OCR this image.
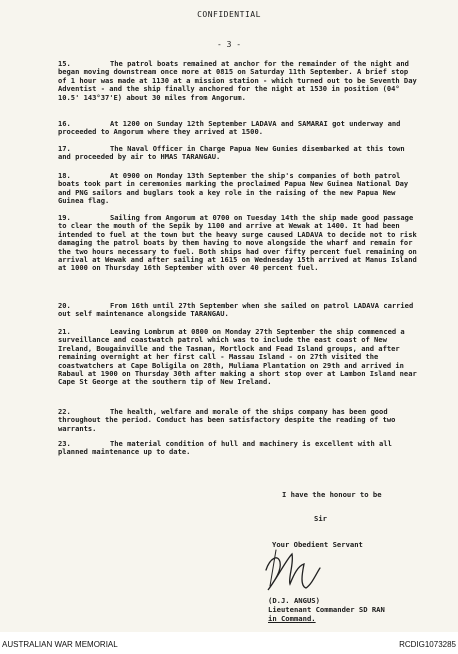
CONFIDENTIAL
- 3 -

15.	The patrol boats remained at anchor for the remainder of the night and began moving downstream once more at 0815 on Saturday 11th September. A brief stop of 1 hour was made at 1130 at a mission station - which turned out to be Seventh Day Adventist - and the ship finally anchored for the night at 1530 in position (04° 10.5' 143°37'E) about 30 miles from Angorum.

16.	At 1200 on Sunday 12th September LADAVA and SAMARAI got underway and proceeded to Angorum where they arrived at 1500.

17.	The Naval Officer in Charge Papua New Gunies disembarked at this town and proceeded by air to HMAS TARANGAU.

18.	At 0900 on Monday 13th September the ship's companies of both patrol boats took part in ceremonies marking the proclaimed Papua New Guinea National Day and PNG sailors and buglars took a key role in the raising of the new Papua New Guinea flag.

19.	Sailing from Angorum at 0700 on Tuesday 14th the ship made good passage to clear the mouth of the Sepik by 1100 and arrive at Wewak at 1400. It had been intended to fuel at the town but the heavy surge caused LADAVA to decide not to risk damaging the patrol boats by them having to move alongside the wharf and remain for the two hours necessary to fuel. Both ships had over fifty percent fuel remaining on arrival at Wewak and after sailing at 1615 on Wednesday 15th arrived at Manus Island at 1000 on Thursday 16th September with over 40 percent fuel.

20.	From 16th until 27th September when she sailed on patrol LADAVA carried out self maintenance alongside TARANGAU.

21.	Leaving Lombrum at 0800 on Monday 27th September the ship commenced a surveillance and coastwatch patrol which was to include the east coast of New Ireland, Bougainville and the Tasman, Mortlock and Fead Island groups, and after remaining overnight at her first call - Massau Island - on 27th visited the coastwatchers at Cape Boligila on 28th, Muliama Plantation on 29th and arrived in Rabaul at 1900 on Thursday 30th after making a short stop over at Lambon Island near Cape St George at the southern tip of New Ireland.

22.	The health, welfare and morale of the ships company has been good throughout the period. Conduct has been satisfactory despite the reading of two warrants.

23.	The material condition of hull and machinery is excellent with all planned maintenance up to date.

I have the honour to be
Sir
Your Obedient Servant
(D.J. ANGUS)
Lieutenant Commander SD RAN
in Command.
AUSTRALIAN WAR MEMORIAL	RCDIG1073285
